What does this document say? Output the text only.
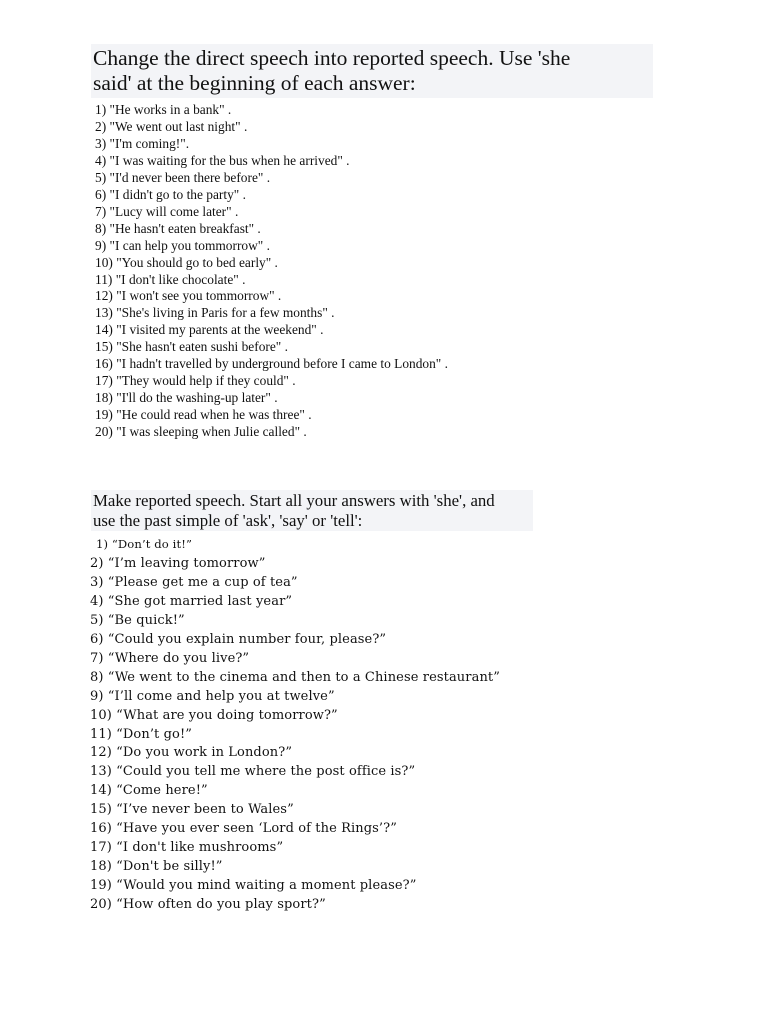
Change the direct speech into reported speech. Use 'she
said' at the beginning of each answer:
1) "He works in a bank" .
2) "We went out last night" .
3) "I'm coming!".
4) "I was waiting for the bus when he arrived" .
5) "I'd never been there before" .
6) "I didn't go to the party" .
7) "Lucy will come later" .
8) "He hasn't eaten breakfast" .
9) "I can help you tommorrow" .
10) "You should go to bed early" .
11) "I don't like chocolate" .
12) "I won't see you tommorrow" .
13) "She's living in Paris for a few months" .
14) "I visited my parents at the weekend" .
15) "She hasn't eaten sushi before" .
16) "I hadn't travelled by underground before I came to London" .
17) "They would help if they could" .
18) "I'll do the washing-up later" .
19) "He could read when he was three" .
20) "I was sleeping when Julie called" .
Make reported speech. Start all your answers with 'she', and
use the past simple of 'ask', 'say' or 'tell':
1) “Don’t do it!”
2) “I’m leaving tomorrow”
3) “Please get me a cup of tea”
4) “She got married last year”
5) “Be quick!”
6) “Could you explain number four, please?”
7) “Where do you live?”
8) “We went to the cinema and then to a Chinese restaurant”
9) “I’ll come and help you at twelve”
10) “What are you doing tomorrow?”
11) “Don’t go!”
12) “Do you work in London?”
13) “Could you tell me where the post office is?”
14) “Come here!”
15) “I’ve never been to Wales”
16) “Have you ever seen ‘Lord of the Rings’?”
17) “I don't like mushrooms”
18) “Don't be silly!”
19) “Would you mind waiting a moment please?”
20) “How often do you play sport?”
